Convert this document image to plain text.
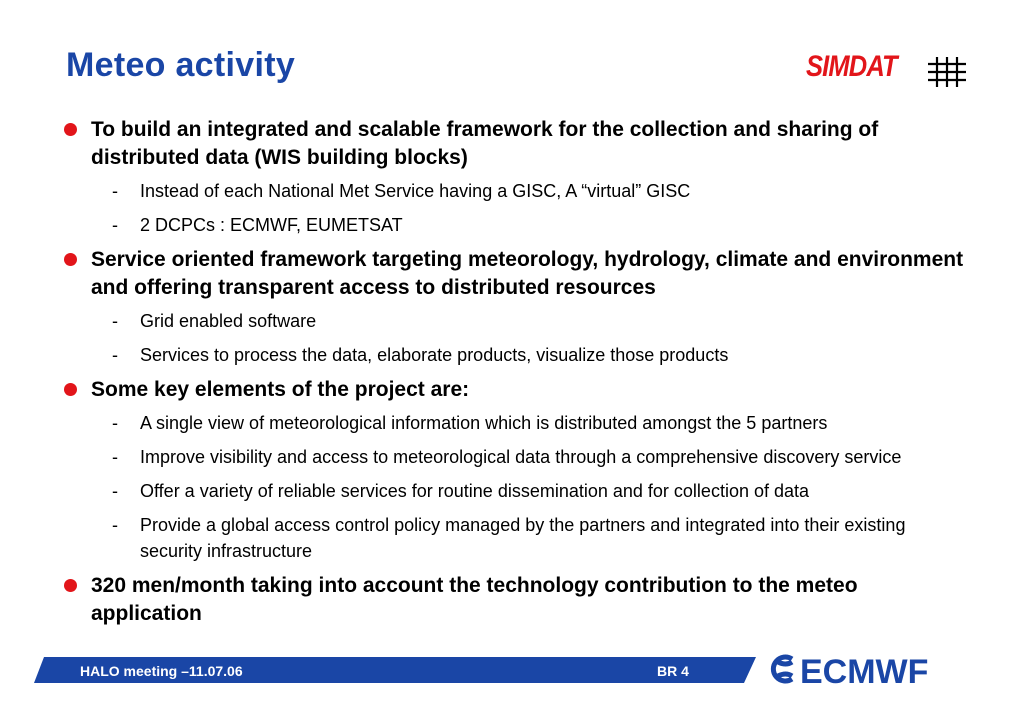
Meteo activity	SIMDAT
To build an integrated and scalable framework for the collection and sharing of distributed data (WIS building blocks)
- Instead of each National Met Service having a GISC, A “virtual” GISC
- 2 DCPCs : ECMWF, EUMETSAT
Service oriented framework targeting meteorology, hydrology, climate and environment and offering transparent access to distributed resources
- Grid enabled software
- Services to process the data, elaborate products, visualize those products
Some key elements of the project are:
- A single view of meteorological information which is distributed amongst the 5 partners
- Improve visibility and access to meteorological data through a comprehensive discovery service
- Offer a variety of reliable services for routine dissemination and for collection of data
- Provide a global access control policy managed by the partners and integrated into their existing security infrastructure
320 men/month taking into account the technology contribution to the meteo application
HALO meeting –11.07.06	BR 4	ECMWF
